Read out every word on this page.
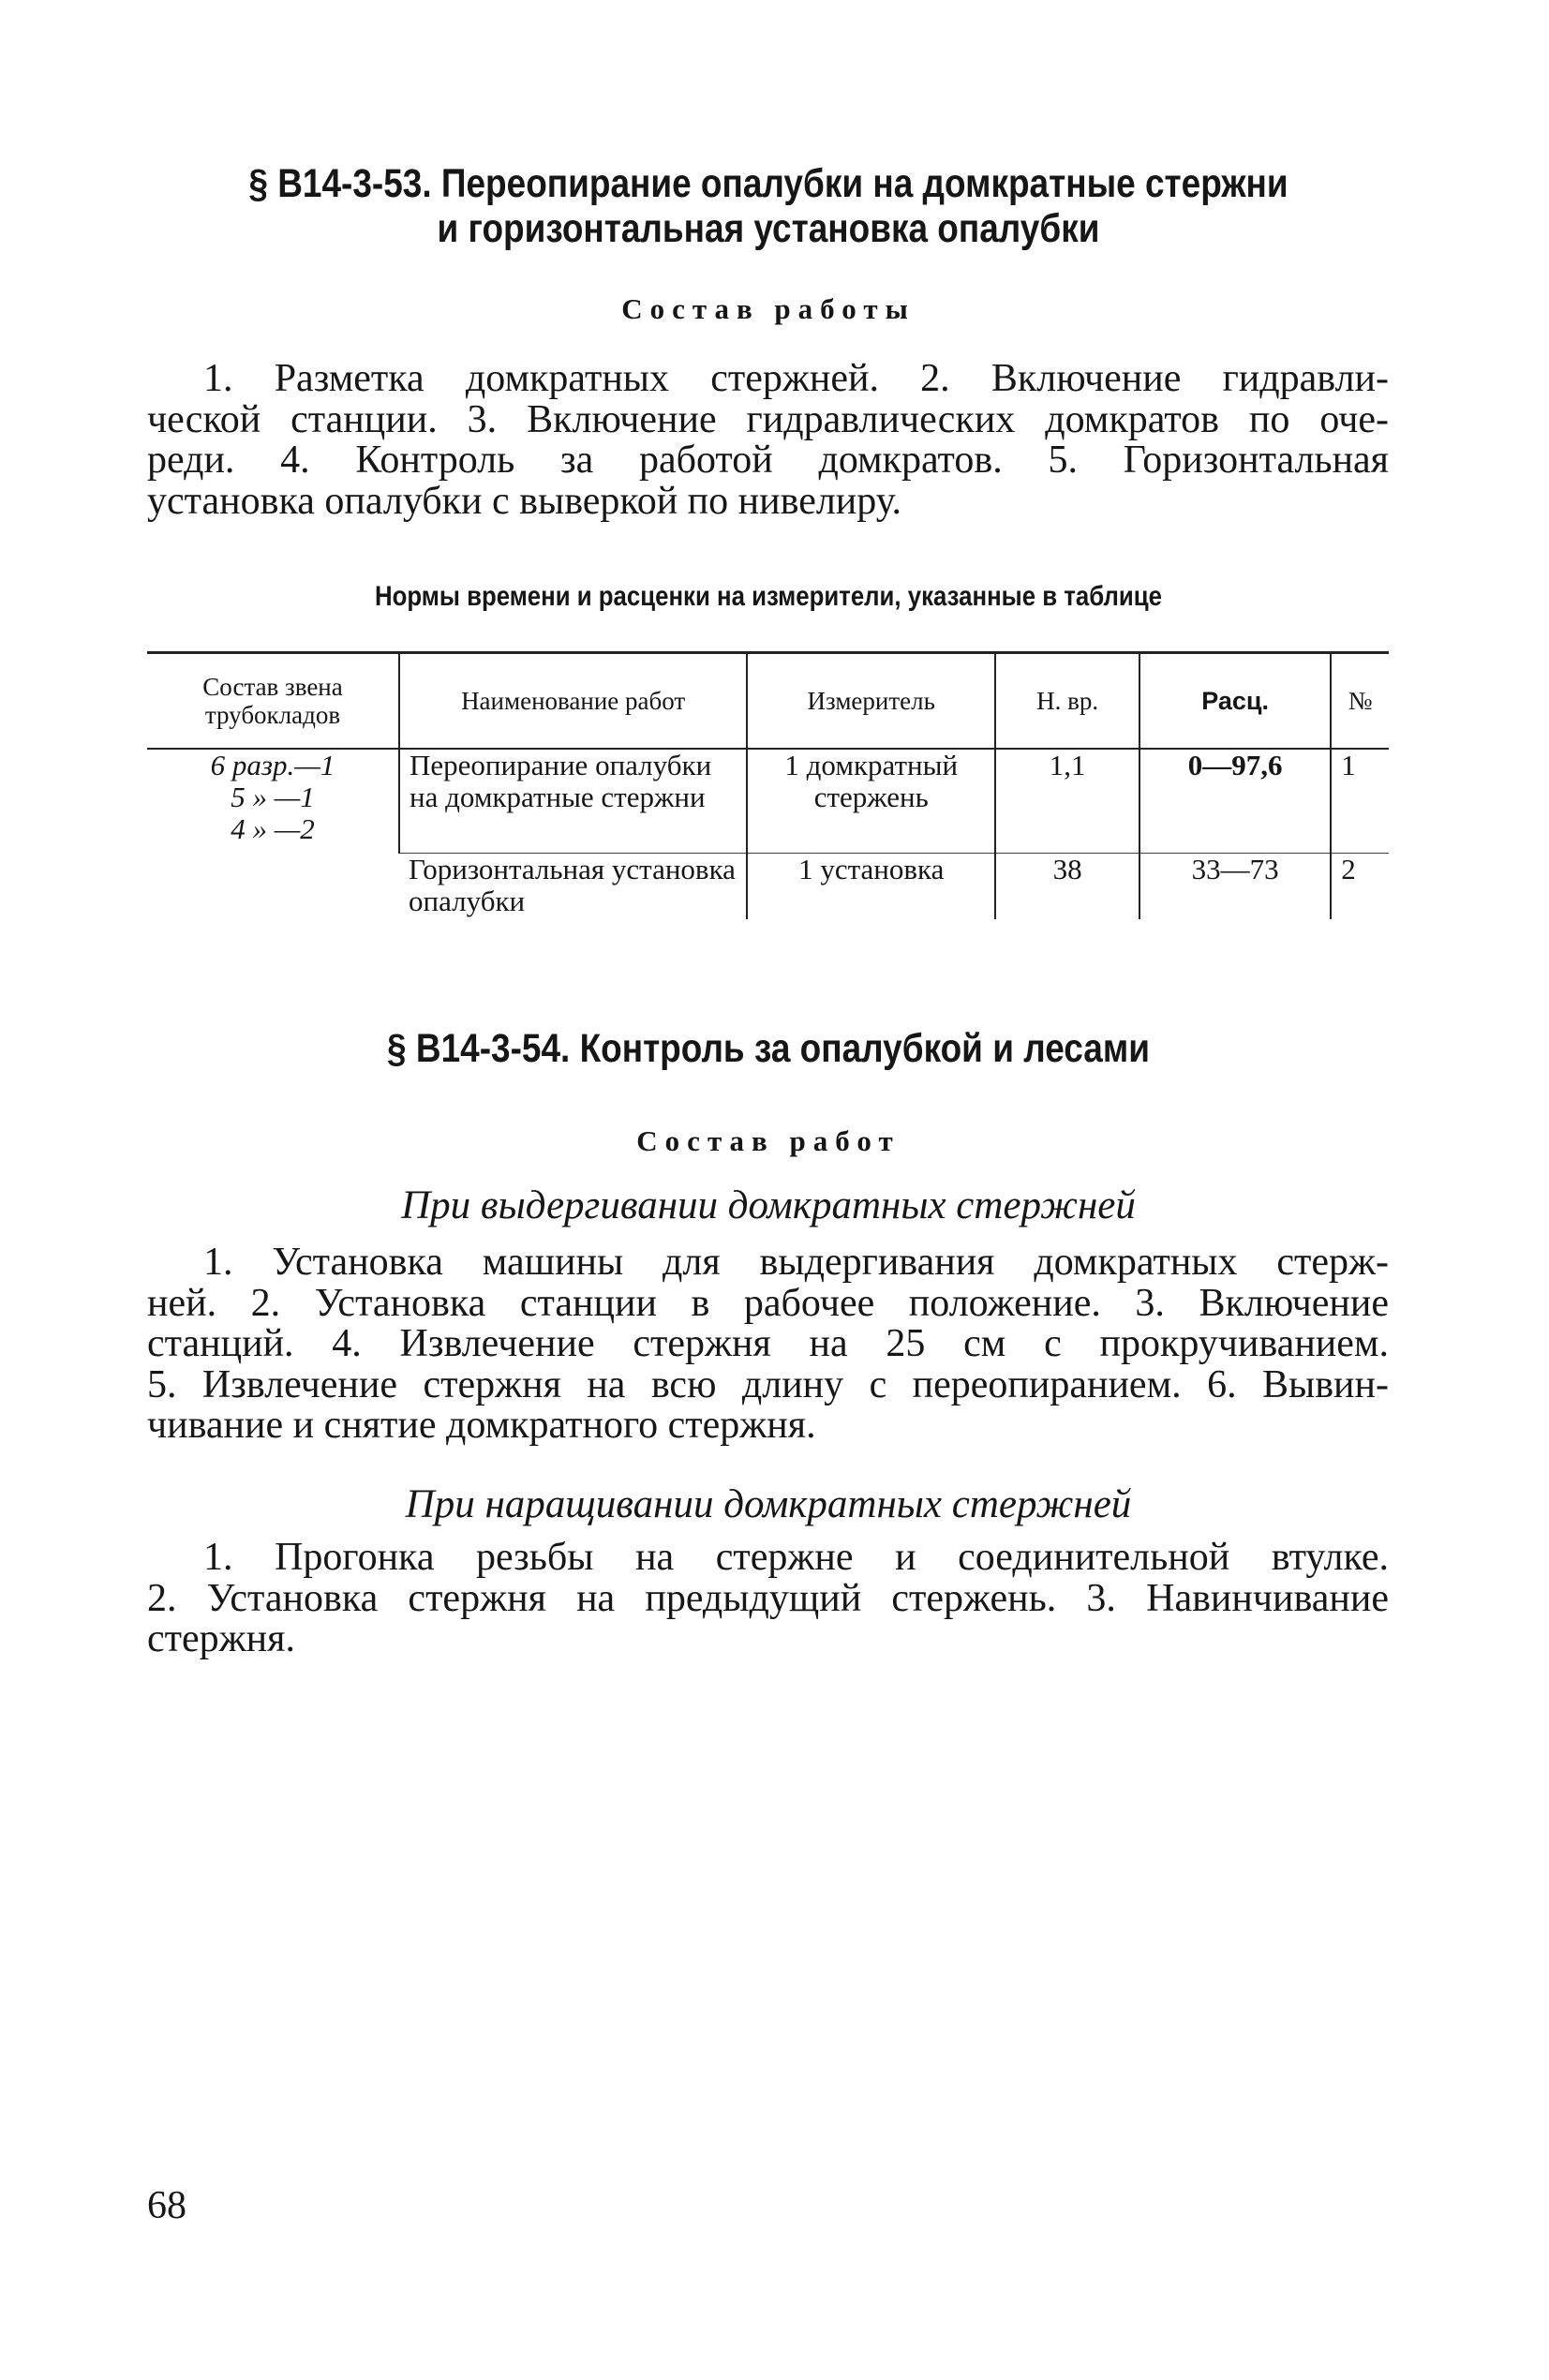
§ В14-3-53. Переопирание опалубки на домкратные стержни
и горизонтальная установка опалубки
Состав работы
1. Разметка домкратных стержней. 2. Включение гидравли-
ческой станции. 3. Включение гидравлических домкратов по оче-
реди. 4. Контроль за работой домкратов. 5. Горизонтальная
установка опалубки с выверкой по нивелиру.
Нормы времени и расценки на измерители, указанные в таблице
Состав звена трубокладов	Наименование работ	Измеритель	Н. вр.	Расц.	№

6 разр.—1
5 » —1
4 » —2	Переопирание опалубки на домкратные стержни	1 домкратный стержень	1,1	0—97,6	1
	Горизонтальная установка опалубки	1 установка	38	33—73	2
§ В14-3-54. Контроль за опалубкой и лесами
Состав работ
При выдергивании домкратных стержней
1. Установка машины для выдергивания домкратных стерж-
ней. 2. Установка станции в рабочее положение. 3. Включение
станций. 4. Извлечение стержня на 25 см с прокручиванием.
5. Извлечение стержня на всю длину с переопиранием. 6. Вывин-
чивание и снятие домкратного стержня.
При наращивании домкратных стержней
1. Прогонка резьбы на стержне и соединительной втулке.
2. Установка стержня на предыдущий стержень. 3. Навинчивание
стержня.
68
